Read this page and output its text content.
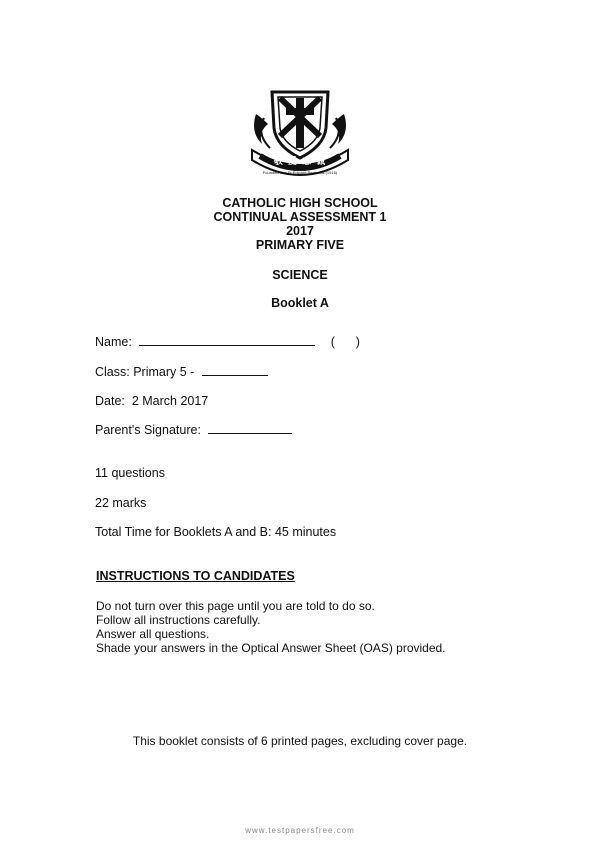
敬 爱 忠 诚
Founded Rev Fr Edward Becheras (1916)
CATHOLIC HIGH SCHOOL
CONTINUAL ASSESSMENT 1
2017
PRIMARY FIVE
SCIENCE
Booklet A
Name:	(      )
Class: Primary 5 -
Date:  2 March 2017
Parent's Signature:
11 questions
22 marks
Total Time for Booklets A and B: 45 minutes
INSTRUCTIONS TO CANDIDATES
Do not turn over this page until you are told to do so.
Follow all instructions carefully.
Answer all questions.
Shade your answers in the Optical Answer Sheet (OAS) provided.
This booklet consists of 6 printed pages, excluding cover page.
www.testpapersfree.com
